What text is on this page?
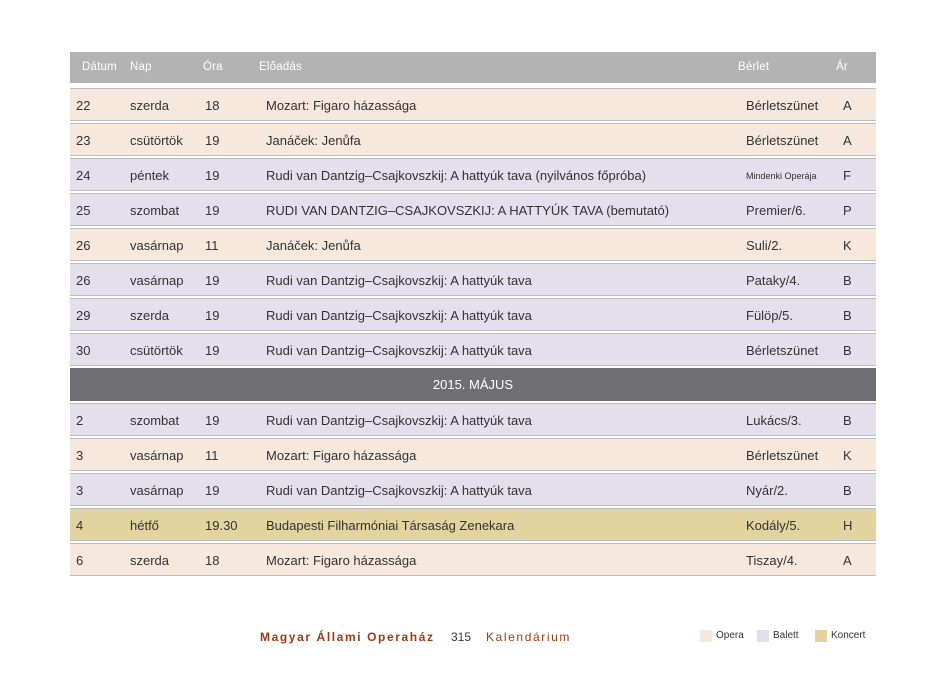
Dátum Nap	Óra	Előadás	Bérlet	Ár
22	szerda	18	Mozart: Figaro házassága	Bérletszünet A
23	csütörtök 19	Janáček: Jenůfa	Bérletszünet A
24	péntek	19	Rudi van Dantzig–Csajkovszkij: A hattyúk tava (nyilvános főpróba)	Mindenki Operája F
25	szombat 19	RUDI VAN DANTZIG–CSAJKOVSZKIJ: A HATTYÚK TAVA (bemutató)	Premier/6.	P
26	vasárnap 11	Janáček: Jenůfa	Suli/2.	K
26	vasárnap 19	Rudi van Dantzig–Csajkovszkij: A hattyúk tava	Pataky/4.	B
29	szerda	19	Rudi van Dantzig–Csajkovszkij: A hattyúk tava	Fülöp/5.	B
30	csütörtök 19	Rudi van Dantzig–Csajkovszkij: A hattyúk tava	Bérletszünet B
2015. MÁJUS
2	szombat 19	Rudi van Dantzig–Csajkovszkij: A hattyúk tava	Lukács/3.	B
3	vasárnap 11	Mozart: Figaro házassága	Bérletszünet K
3	vasárnap 19	Rudi van Dantzig–Csajkovszkij: A hattyúk tava	Nyár/2.	B
4	hétfő	19.30 Budapesti Filharmóniai Társaság Zenekara	Kodály/5.	H
6	szerda	18	Mozart: Figaro házassága	Tiszay/4.	A
Magyar Állami Operaház 315 Kalendárium	Opera	Balett	Koncert
